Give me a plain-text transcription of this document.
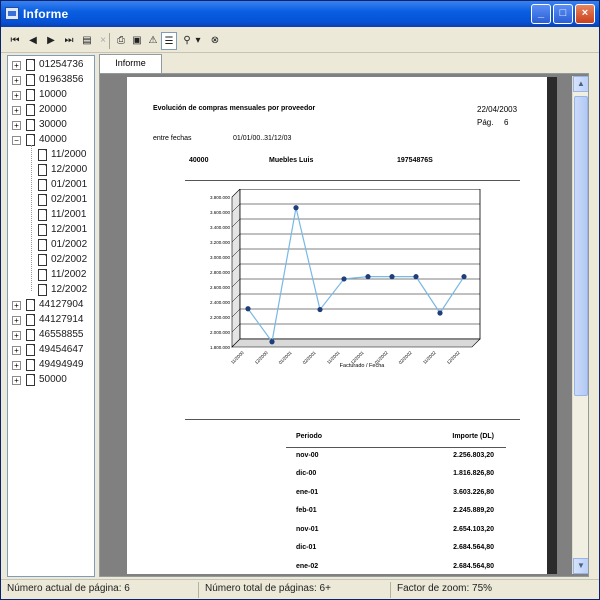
Informe	_	□	×
⏮ ◀	▶ ⏭ ▤ ×	⎙ ▣ ⚠ ☰ ⚲ ▾	⊗
+ 01254736
+ 01963856
+ 10000
+ 20000
+ 30000
− 40000
11/2000
12/2000
01/2001
02/2001
11/2001
12/2001
01/2002
02/2002
11/2002
12/2002
+ 44127904
+ 44127914
+ 46558855
+ 49454647
+ 49494949
+ 50000
Informe
Evolución de compras mensuales por proveedor	22/04/2003
Pág. 6
entre fechas	01/01/00..31/12/03
40000	Muebles Luis	19754876S
1.800.000
2.000.000
2.200.000
2.400.000
2.600.000
2.800.000
3.000.000
3.200.000
3.400.000
3.600.000
3.800.000
11/2000 12/2000 01/2001 02/2001 11/2001 12/2001 01/2002 02/2002 11/2002 12/2002
Facturado / Fecha
Periodo	Importe (DL)
nov-00	2.256.803,20
dic-00	1.816.826,80
ene-01	3.603.226,80
feb-01	2.245.889,20
nov-01	2.654.103,20
dic-01	2.684.564,80
ene-02	2.684.564,80
▲
▼
Número actual de página: 6	Número total de páginas: 6+	Factor de zoom: 75%
